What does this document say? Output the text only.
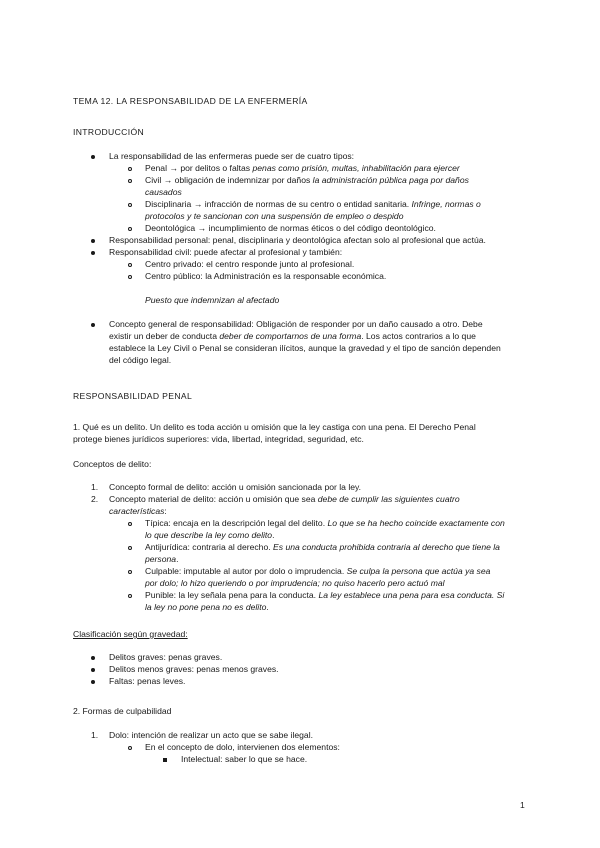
TEMA 12. LA RESPONSABILIDAD DE LA ENFERMERÍA
INTRODUCCIÓN
La responsabilidad de las enfermeras puede ser de cuatro tipos:
Penal → por delitos o faltas penas como prisión, multas, inhabilitación para ejercer
Civil → obligación de indemnizar por daños la administración pública paga por daños
causados
Disciplinaria → infracción de normas de su centro o entidad sanitaria. Infringe, normas o
protocolos y te sancionan con una suspensión de empleo o despido
Deontológica → incumplimiento de normas éticos o del código deontológico.
Responsabilidad personal: penal, disciplinaria y deontológica afectan solo al profesional que actúa.
Responsabilidad civil: puede afectar al profesional y también:
Centro privado: el centro responde junto al profesional.
Centro público: la Administración es la responsable económica.
Puesto que indemnizan al afectado
Concepto general de responsabilidad: Obligación de responder por un daño causado a otro. Debe
existir un deber de conducta deber de comportarnos de una forma. Los actos contrarios a lo que
establece la Ley Civil o Penal se consideran ilícitos, aunque la gravedad y el tipo de sanción dependen
del código legal.
RESPONSABILIDAD PENAL
1. Qué es un delito. Un delito es toda acción u omisión que la ley castiga con una pena. El Derecho Penal
protege bienes jurídicos superiores: vida, libertad, integridad, seguridad, etc.
Conceptos de delito:
1. Concepto formal de delito: acción u omisión sancionada por la ley.
2. Concepto material de delito: acción u omisión que sea debe de cumplir las siguientes cuatro
características:
Típica: encaja en la descripción legal del delito. Lo que se ha hecho coincide exactamente con
lo que describe la ley como delito.
Antijurídica: contraria al derecho. Es una conducta prohibida contraria al derecho que tiene la
persona.
Culpable: imputable al autor por dolo o imprudencia. Se culpa la persona que actúa ya sea
por dolo; lo hizo queriendo o por imprudencia; no quiso hacerlo pero actuó mal
Punible: la ley señala pena para la conducta. La ley establece una pena para esa conducta. Si
la ley no pone pena no es delito.
Clasificación según gravedad:
Delitos graves: penas graves.
Delitos menos graves: penas menos graves.
Faltas: penas leves.
2. Formas de culpabilidad
1. Dolo: intención de realizar un acto que se sabe ilegal.
En el concepto de dolo, intervienen dos elementos:
Intelectual: saber lo que se hace.
1
